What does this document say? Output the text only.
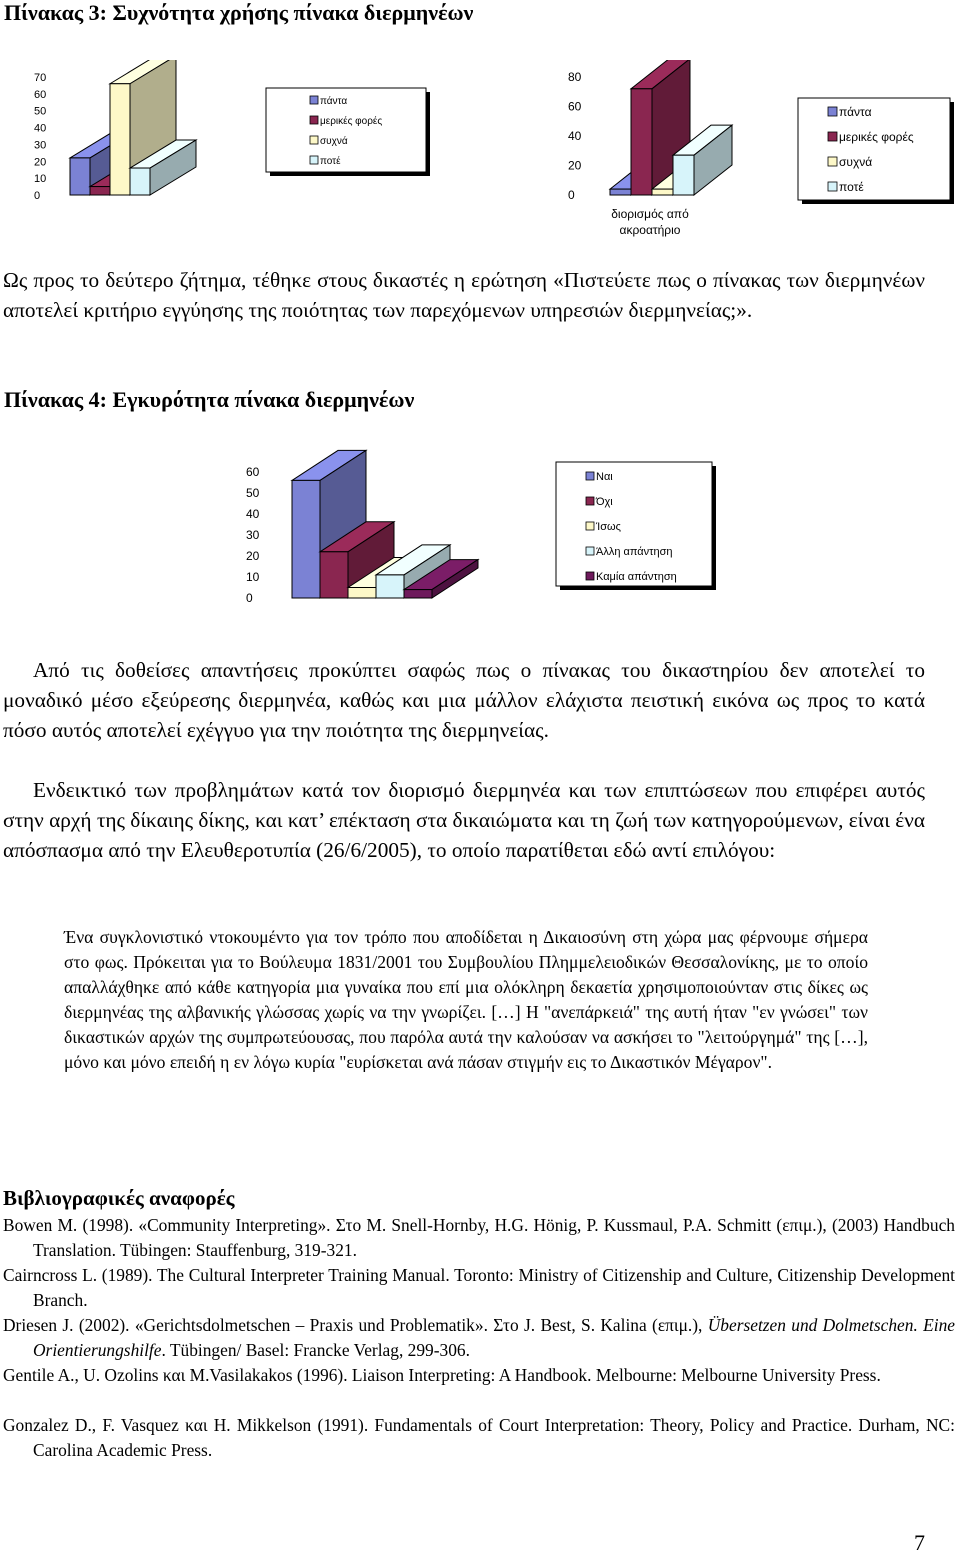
Πίνακας 3: Συχνότητα χρήσης πίνακα διερμηνέων
70
60
50
40
30
20
10
0
πάντα
μερικές φορές
συχνά
ποτέ
80
60
40
20
0
διορισμός από
ακροατήριο
πάντα
μερικές φορές
συχνά
ποτέ

Ως προς το δεύτερο ζήτημα, τέθηκε στους δικαστές η ερώτηση «Πιστεύετε πως ο πίνακας των διερμηνέων αποτελεί κριτήριο εγγύησης της ποιότητας των παρεχόμενων υπηρεσιών διερμηνείας;».

Πίνακας 4: Εγκυρότητα πίνακα διερμηνέων
60
50
40
30
20
10
0
Ναι
Όχι
Ίσως
Άλλη απάντηση
Καμία απάντηση

Από τις δοθείσες απαντήσεις προκύπτει σαφώς πως ο πίνακας του δικαστηρίου δεν αποτελεί το μοναδικό μέσο εξεύρεσης διερμηνέα, καθώς και μια μάλλον ελάχιστα πειστική εικόνα ως προς το κατά πόσο αυτός αποτελεί εχέγγυο για την ποιότητα της διερμηνείας.

Ενδεικτικό των προβλημάτων κατά τον διορισμό διερμηνέα και των επιπτώσεων που επιφέρει αυτός στην αρχή της δίκαιης δίκης, και κατ’ επέκταση στα δικαιώματα και τη ζωή των κατηγορούμενων, είναι ένα απόσπασμα από την Ελευθεροτυπία (26/6/2005), το οποίο παρατίθεται εδώ αντί επιλόγου:

Ένα συγκλονιστικό ντοκουμέντο για τον τρόπο που αποδίδεται η Δικαιοσύνη στη χώρα μας φέρνουμε σήμερα στο φως. Πρόκειται για το Βούλευμα 1831/2001 του Συμβουλίου Πλημμελειοδικών Θεσσαλονίκης, με το οποίο απαλλάχθηκε από κάθε κατηγορία μια γυναίκα που επί μια ολόκληρη δεκαετία χρησιμοποιούνταν στις δίκες ως διερμηνέας της αλβανικής γλώσσας χωρίς να την γνωρίζει. […] Η "ανεπάρκειά" της αυτή ήταν "εν γνώσει" των δικαστικών αρχών της συμπρωτεύουσας, που παρόλα αυτά την καλούσαν να ασκήσει το "λειτούργημά" της […], μόνο και μόνο επειδή η εν λόγω κυρία "ευρίσκεται ανά πάσαν στιγμήν εις το Δικαστικόν Μέγαρον".

Βιβλιογραφικές αναφορές

Bowen M. (1998). «Community Interpreting». Στο M. Snell-Hornby, H.G. Hönig, P. Kussmaul, P.A. Schmitt (επιμ.), (2003) Handbuch Translation. Tübingen: Stauffenburg, 319-321.

Cairncross L. (1989). The Cultural Interpreter Training Manual. Toronto: Ministry of Citizenship and Culture, Citizenship Development Branch.

Driesen J. (2002). «Gerichtsdolmetschen – Praxis und Problematik». Στο J. Best, S. Kalina (επιμ.), Übersetzen und Dolmetschen. Eine Orientierungshilfe. Tübingen/ Basel: Francke Verlag, 299-306.

Gentile A., U. Ozolins και M.Vasilakakos (1996). Liaison Interpreting: A Handbook. Melbourne: Melbourne University Press.

Gonzalez D., F. Vasquez και H. Mikkelson (1991). Fundamentals of Court Interpretation: Theory, Policy and Practice. Durham, NC: Carolina Academic Press.

7
